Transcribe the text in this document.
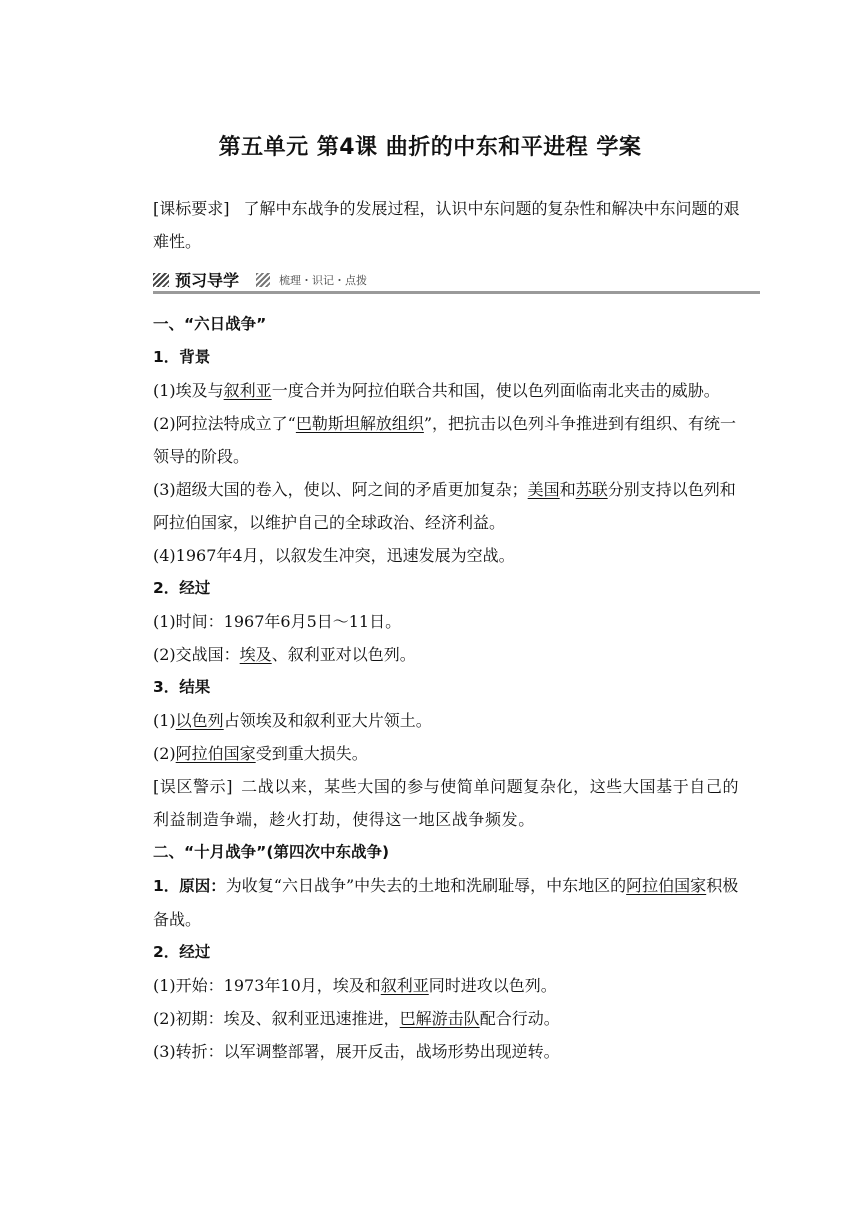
第五单元 第4课 曲折的中东和平进程 学案

[课标要求] 了解中东战争的发展过程，认识中东问题的复杂性和解决中东问题的艰难性。

预习导学	梳理・识记・点拨

一、“六日战争”

1．背景

(1)埃及与叙利亚一度合并为阿拉伯联合共和国，使以色列面临南北夹击的威胁。

(2)阿拉法特成立了“巴勒斯坦解放组织”，把抗击以色列斗争推进到有组织、有统一领导的阶段。

(3)超级大国的卷入，使以、阿之间的矛盾更加复杂；美国和苏联分别支持以色列和阿拉伯国家，以维护自己的全球政治、经济利益。

(4)1967年4月，以叙发生冲突，迅速发展为空战。

2．经过

(1)时间：1967年6月5日～11日。

(2)交战国：埃及、叙利亚对以色列。

3．结果

(1)以色列占领埃及和叙利亚大片领土。

(2)阿拉伯国家受到重大损失。

[误区警示] 二战以来，某些大国的参与使简单问题复杂化，这些大国基于自己的利益制造争端，趁火打劫，使得这一地区战争频发。

二、“十月战争”(第四次中东战争)

1．原因：为收复“六日战争”中失去的土地和洗刷耻辱，中东地区的阿拉伯国家积极备战。

2．经过

(1)开始：1973年10月，埃及和叙利亚同时进攻以色列。

(2)初期：埃及、叙利亚迅速推进，巴解游击队配合行动。

(3)转折：以军调整部署，展开反击，战场形势出现逆转。
